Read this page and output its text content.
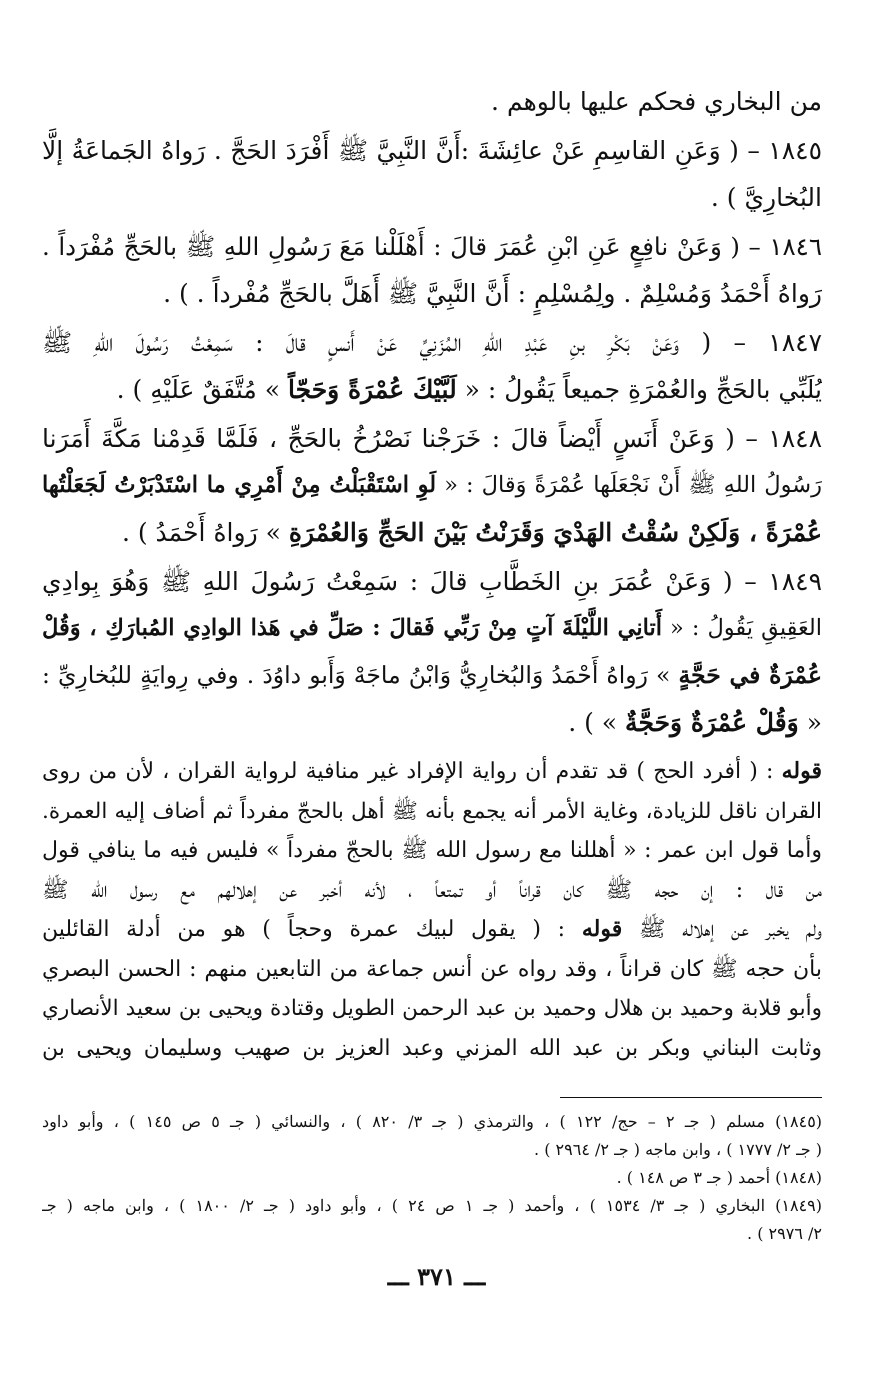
من البخاري فحكم عليها بالوهم .
١٨٤٥ – ( وَعَنِ القاسِمِ عَنْ عائِشَةَ :أَنَّ النَّبِيَّ ﷺ أَفْرَدَ الحَجَّ . رَواهُ الجَماعَةُ إلَّا
البُخارِيَّ ) .
١٨٤٦ – ( وَعَنْ نافِعٍ عَنِ ابْنِ عُمَرَ قالَ : أَهْلَلْنا مَعَ رَسُولِ اللهِ ﷺ بالحَجِّ مُفْرَداً .
رَواهُ أَحْمَدُ وَمُسْلِمٌ . ولِمُسْلِمٍ : أَنَّ النَّبِيَّ ﷺ أَهَلَّ بالحَجِّ مُفْرداً . ) .
١٨٤٧ – ( وَعَنْ بَكْرِ بنِ عَبْدِ اللهِ المُزَنِيِّ عَنْ أَنسٍ قالَ : سَمِعْتُ رَسُولَ اللهِ ﷺ
يُلَبِّي بالحَجِّ والعُمْرَةِ جميعاً يَقُولُ : « لَبَّيْكَ عُمْرَةً وَحَجّاً » مُتَّفَقٌ عَلَيْهِ ) .
١٨٤٨ – ( وَعَنْ أَنَسٍ أَيْضاً قالَ : خَرَجْنا نَصْرُخُ بالحَجِّ ، فَلَمَّا قَدِمْنا مَكَّةَ أَمَرَنا
رَسُولُ اللهِ ﷺ أَنْ نَجْعَلَها عُمْرَةً وَقالَ : « لَوِ اسْتَقْبَلْتُ مِنْ أَمْرِي ما اسْتَدْبَرْتُ لَجَعَلْتُها
عُمْرَةً ، وَلَكِنْ سُقْتُ الهَدْيَ وَقَرَنْتُ بَيْنَ الحَجِّ وَالعُمْرَةِ » رَواهُ أَحْمَدُ ) .
١٨٤٩ – ( وَعَنْ عُمَرَ بنِ الخَطَّابِ قالَ : سَمِعْتُ رَسُولَ اللهِ ﷺ وَهُوَ بِوادِي
العَقِيقِ يَقُولُ : « أَتانِي اللَّيْلَةَ آتٍ مِنْ رَبِّي فَقالَ : صَلِّ في هَذا الوادِي المُبارَكِ ، وَقُلْ
عُمْرَةٌ في حَجَّةٍ » رَواهُ أَحْمَدُ وَالبُخارِيُّ وَابْنُ ماجَهْ وَأَبو داوُدَ . وفي رِوايَةٍ للبُخارِيِّ :
« وَقُلْ عُمْرَةٌ وَحَجَّةٌ » ) .
قوله : ( أفرد الحج ) قد تقدم أن رواية الإفراد غير منافية لرواية القران ، لأن من روى
القران ناقل للزيادة، وغاية الأمر أنه يجمع بأنه ﷺ أهل بالحجّ مفرداً ثم أضاف إليه العمرة.
وأما قول ابن عمر : « أهللنا مع رسول الله ﷺ بالحجّ مفرداً » فليس فيه ما ينافي قول
من قال : إن حجه ﷺ كان قراناً أو تمتعاً ، لأنه أخبر عن إهلالهم مع رسول الله ﷺ
ولم يخبر عن إهلاله ﷺ قوله : ( يقول لبيك عمرة وحجاً ) هو من أدلة القائلين
بأن حجه ﷺ كان قراناً ، وقد رواه عن أنس جماعة من التابعين منهم : الحسن البصري
وأبو قلابة وحميد بن هلال وحميد بن عبد الرحمن الطويل وقتادة ويحيى بن سعيد الأنصاري
وثابت البناني وبكر بن عبد الله المزني وعبد العزيز بن صهيب وسليمان ويحيى بن
(١٨٤٥) مسلم ( جـ ٢ – حج/ ١٢٢ ) ، والترمذي ( جـ ٣/ ٨٢٠ ) ، والنسائي ( جـ ٥ ص ١٤٥ ) ، وأبو داود
( جـ ٢/ ١٧٧٧ ) ، وابن ماجه ( جـ ٢/ ٢٩٦٤ ) .
(١٨٤٨) أحمد ( جـ ٣ ص ١٤٨ ) .
(١٨٤٩) البخاري ( جـ ٣/ ١٥٣٤ ) ، وأحمد ( جـ ١ ص ٢٤ ) ، وأبو داود ( جـ ٢/ ١٨٠٠ ) ، وابن ماجه ( جـ
٢/ ٢٩٧٦ ) .
ـــ ٣٧١ ـــ
